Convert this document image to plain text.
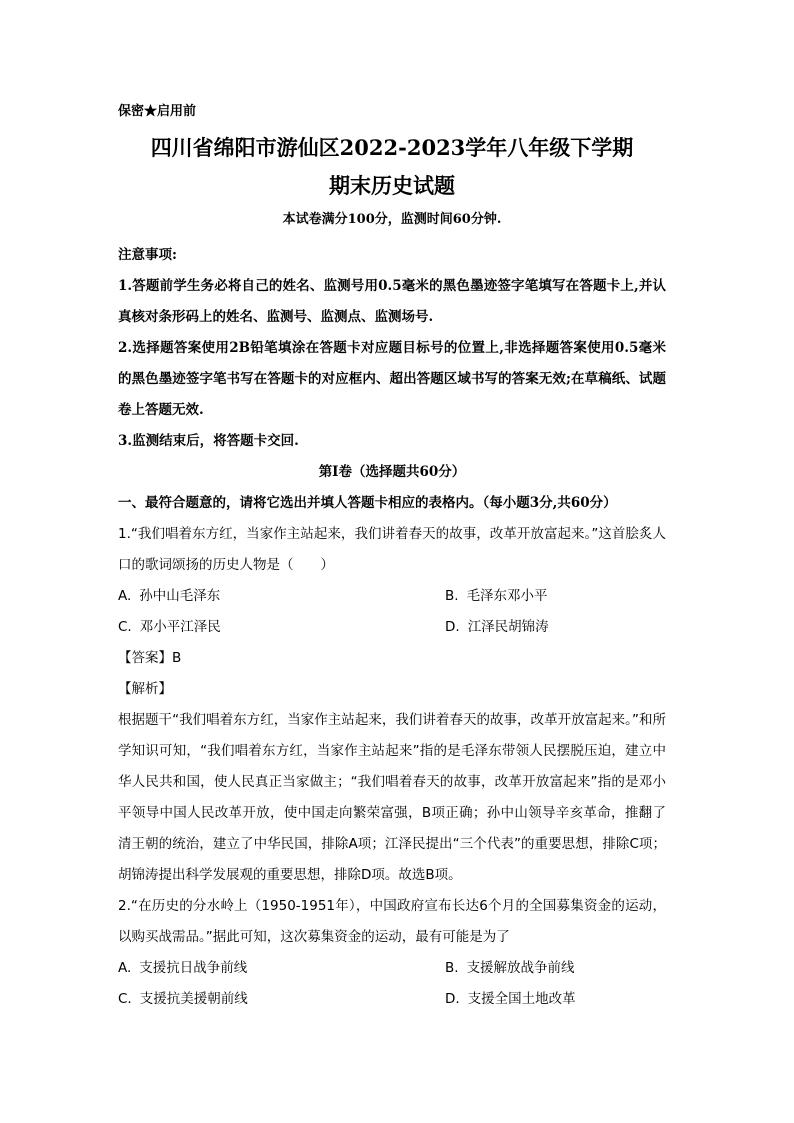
保密★启用前
四川省绵阳市游仙区2022-2023学年八年级下学期
期末历史试题
本试卷满分100分，监测时间60分钟.
注意事项:
1.答题前学生务必将自己的姓名、监测号用0.5毫米的黑色墨迹签字笔填写在答题卡上,并认真核对条形码上的姓名、监测号、监测点、监测场号.
2.选择题答案使用2B铅笔填涂在答题卡对应题目标号的位置上,非选择题答案使用0.5毫米的黑色墨迹签字笔书写在答题卡的对应框内、超出答题区域书写的答案无效;在草稿纸、试题卷上答题无效.
3.监测结束后，将答题卡交回.
第I卷（选择题共60分）
一、最符合题意的，请将它选出并填人答题卡相应的表格内。（每小题3分,共60分）
1.“我们唱着东方红，当家作主站起来，我们讲着春天的故事，改革开放富起来。”这首脍炙人口的歌词颂扬的历史人物是（　　）
A. 孙中山毛泽东	B. 毛泽东邓小平
C. 邓小平江泽民	D. 江泽民胡锦涛
【答案】B
【解析】
根据题干“我们唱着东方红，当家作主站起来，我们讲着春天的故事，改革开放富起来。”和所学知识可知，“我们唱着东方红，当家作主站起来”指的是毛泽东带领人民摆脱压迫，建立中华人民共和国，使人民真正当家做主；“我们唱着春天的故事，改革开放富起来”指的是邓小平领导中国人民改革开放，使中国走向繁荣富强，B项正确；孙中山领导辛亥革命，推翻了清王朝的统治，建立了中华民国，排除A项；江泽民提出“三个代表”的重要思想，排除C项；胡锦涛提出科学发展观的重要思想，排除D项。故选B项。
2.“在历史的分水岭上（1950-1951年），中国政府宣布长达6个月的全国募集资金的运动，以购买战需品。”据此可知，这次募集资金的运动，最有可能是为了
A. 支援抗日战争前线	B. 支援解放战争前线
C. 支援抗美援朝前线	D. 支援全国土地改革
